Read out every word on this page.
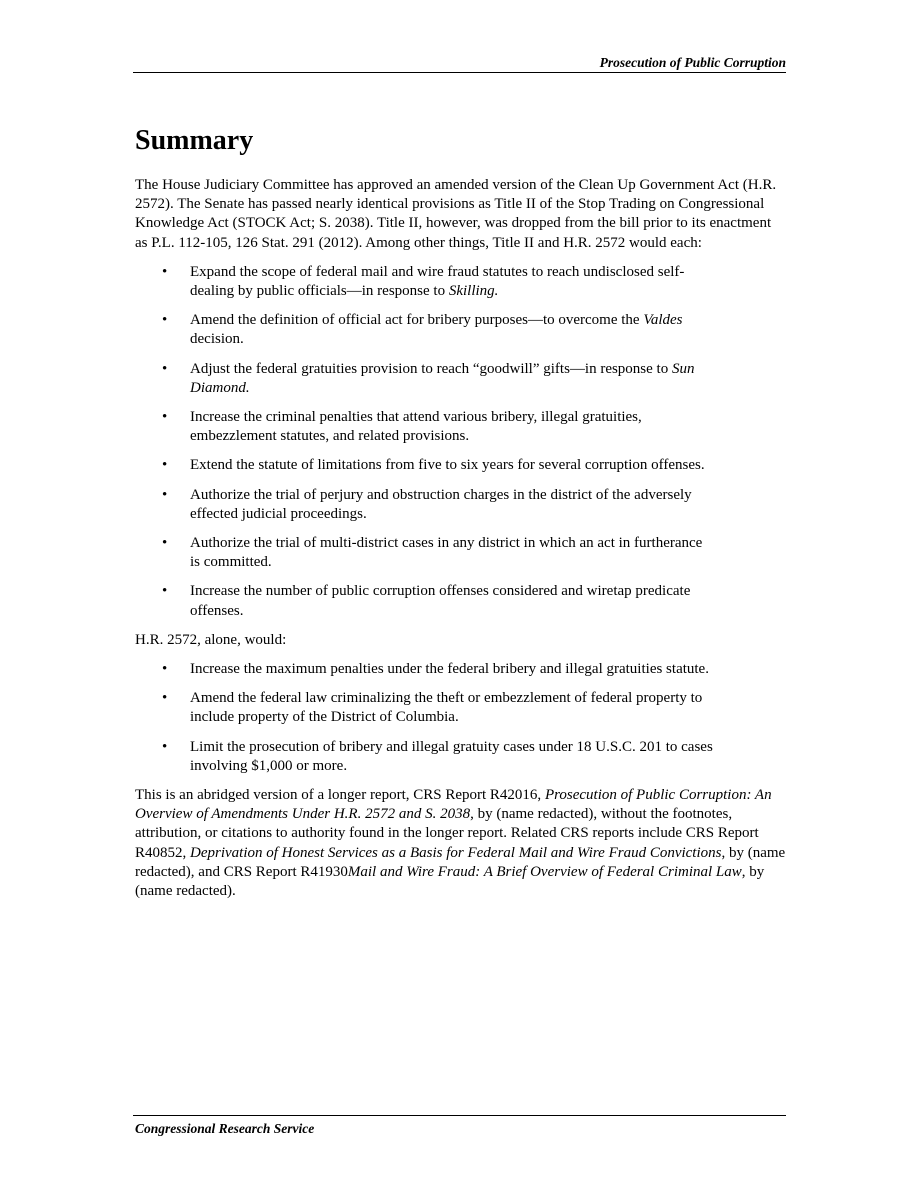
Prosecution of Public Corruption
Summary

The House Judiciary Committee has approved an amended version of the Clean Up Government Act (H.R. 2572). The Senate has passed nearly identical provisions as Title II of the Stop Trading on Congressional Knowledge Act (STOCK Act; S. 2038). Title II, however, was dropped from the bill prior to its enactment as P.L. 112-105, 126 Stat. 291 (2012). Among other things, Title II and H.R. 2572 would each:

• Expand the scope of federal mail and wire fraud statutes to reach undisclosed self-dealing by public officials—in response to Skilling.
• Amend the definition of official act for bribery purposes—to overcome the Valdes decision.
• Adjust the federal gratuities provision to reach “goodwill” gifts—in response to Sun Diamond.
• Increase the criminal penalties that attend various bribery, illegal gratuities, embezzlement statutes, and related provisions.
• Extend the statute of limitations from five to six years for several corruption offenses.
• Authorize the trial of perjury and obstruction charges in the district of the adversely effected judicial proceedings.
• Authorize the trial of multi-district cases in any district in which an act in furtherance is committed.
• Increase the number of public corruption offenses considered and wiretap predicate offenses.

H.R. 2572, alone, would:

• Increase the maximum penalties under the federal bribery and illegal gratuities statute.
• Amend the federal law criminalizing the theft or embezzlement of federal property to include property of the District of Columbia.
• Limit the prosecution of bribery and illegal gratuity cases under 18 U.S.C. 201 to cases involving $1,000 or more.

This is an abridged version of a longer report, CRS Report R42016, Prosecution of Public Corruption: An Overview of Amendments Under H.R. 2572 and S. 2038, by (name redacted), without the footnotes, attribution, or citations to authority found in the longer report. Related CRS reports include CRS Report R40852, Deprivation of Honest Services as a Basis for Federal Mail and Wire Fraud Convictions, by (name redacted), and CRS Report R41930Mail and Wire Fraud: A Brief Overview of Federal Criminal Law, by (name redacted).

Congressional Research Service
